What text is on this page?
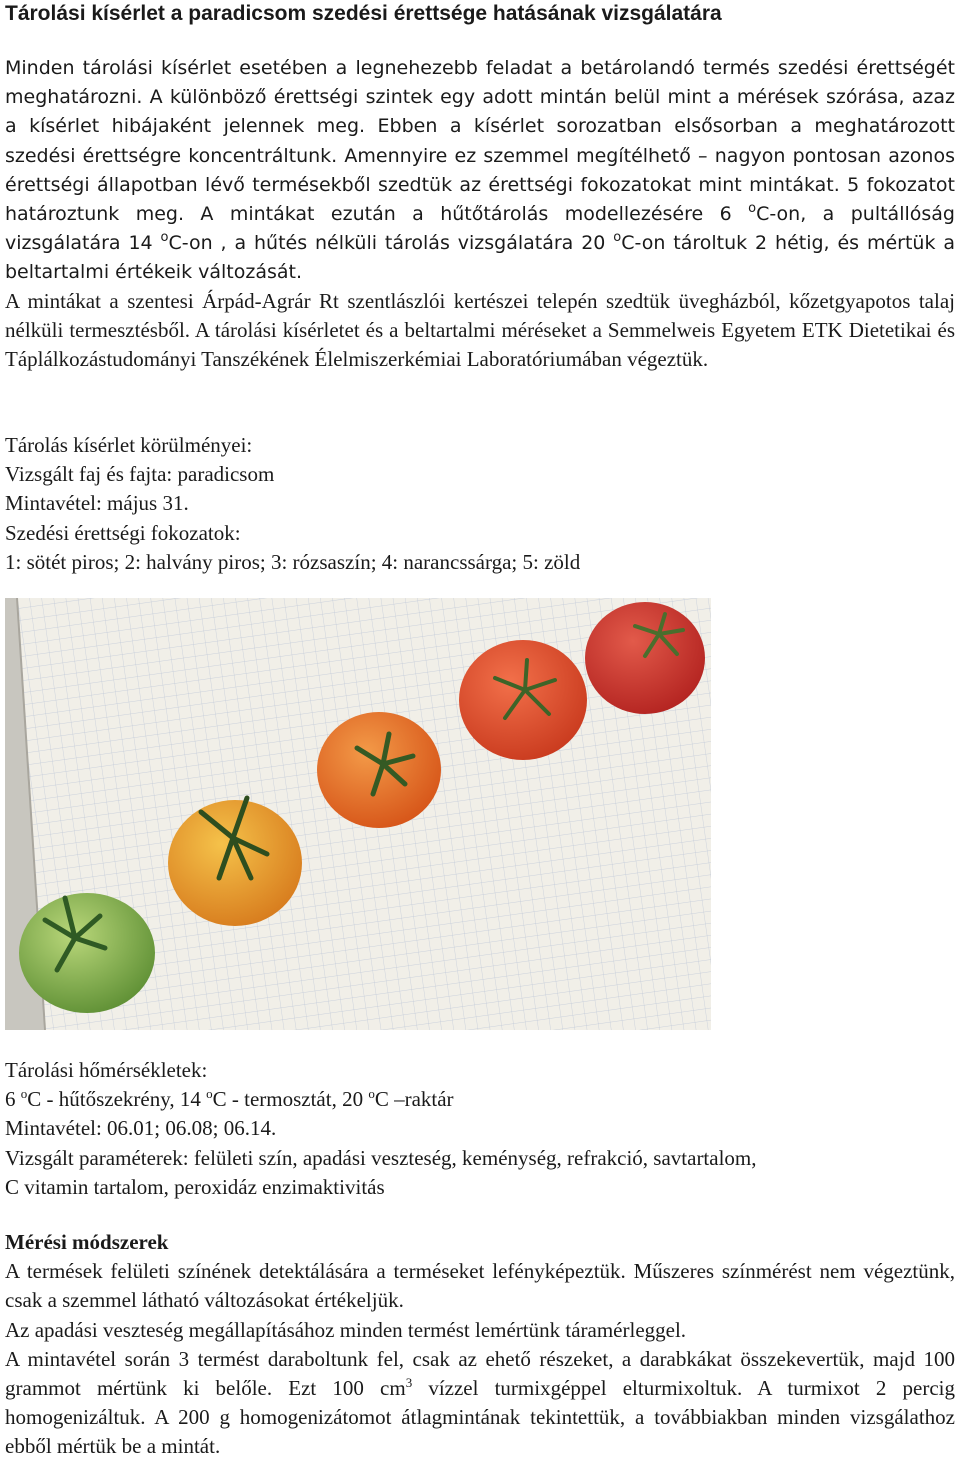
Tárolási kísérlet a paradicsom szedési érettsége hatásának vizsgálatára
Minden tárolási kísérlet esetében a legnehezebb feladat a betárolandó termés szedési érettségét meghatározni. A különböző érettségi szintek egy adott mintán belül mint a mérések szórása, azaz a kísérlet hibájaként jelennek meg. Ebben a kísérlet sorozatban elsősorban a meghatározott szedési érettségre koncentráltunk. Amennyire ez szemmel megítélhető – nagyon pontosan azonos érettségi állapotban lévő termésekből szedtük az érettségi fokozatokat mint mintákat. 5 fokozatot határoztunk meg. A mintákat ezután a hűtőtárolás modellezésére 6 $^o$C-on, a pultállóság vizsgálatára 14 $^o$C-on , a hűtés nélküli tárolás vizsgálatára 20 $^o$C-on tároltuk 2 hétig, és mértük a beltartalmi értékeik változását.
A mintákat a szentesi Árpád-Agrár Rt szentlászlói kertészei telepén szedtük üvegházból, kőzetgyapotos talaj nélküli termesztésből. A tárolási kísérletet és a beltartalmi méréseket a Semmelweis Egyetem ETK Dietetikai és Táplálkozástudományi Tanszékének Élelmiszerkémiai Laboratóriumában végeztük.
Tárolás kísérlet körülményei:
Vizsgált faj és fajta: paradicsom
Mintavétel: május 31.
Szedési érettségi fokozatok:
1: sötét piros; 2: halvány piros; 3: rózsaszín; 4: narancssárga; 5: zöld
Tárolási hőmérsékletek:
6 $^o$C - hűtőszekrény, 14 $^o$C - termosztát, 20 $^o$C –raktár
Mintavétel: 06.01; 06.08; 06.14.
Vizsgált paraméterek: felületi szín, apadási veszteség, keménység, refrakció, savtartalom,
C vitamin tartalom, peroxidáz enzimaktivitás
Mérési módszerek

A termések felületi színének detektálására a terméseket lefényképeztük. Műszeres színmérést nem végeztünk, csak a szemmel látható változásokat értékeljük.

Az apadási veszteség megállapításához minden termést lemértünk táramérleggel.

A mintavétel során 3 termést daraboltunk fel, csak az ehető részeket, a darabkákat összekevertük, majd 100 grammot mértünk ki belőle. Ezt 100 $cm^3$ vízzel turmixgéppel elturmixoltuk. A turmixot 2 percig homogenizáltuk. A 200 g homogenizátomot átlagmintának tekintettük, a továbbiakban minden vizsgálathoz ebből mértük be a mintát.
